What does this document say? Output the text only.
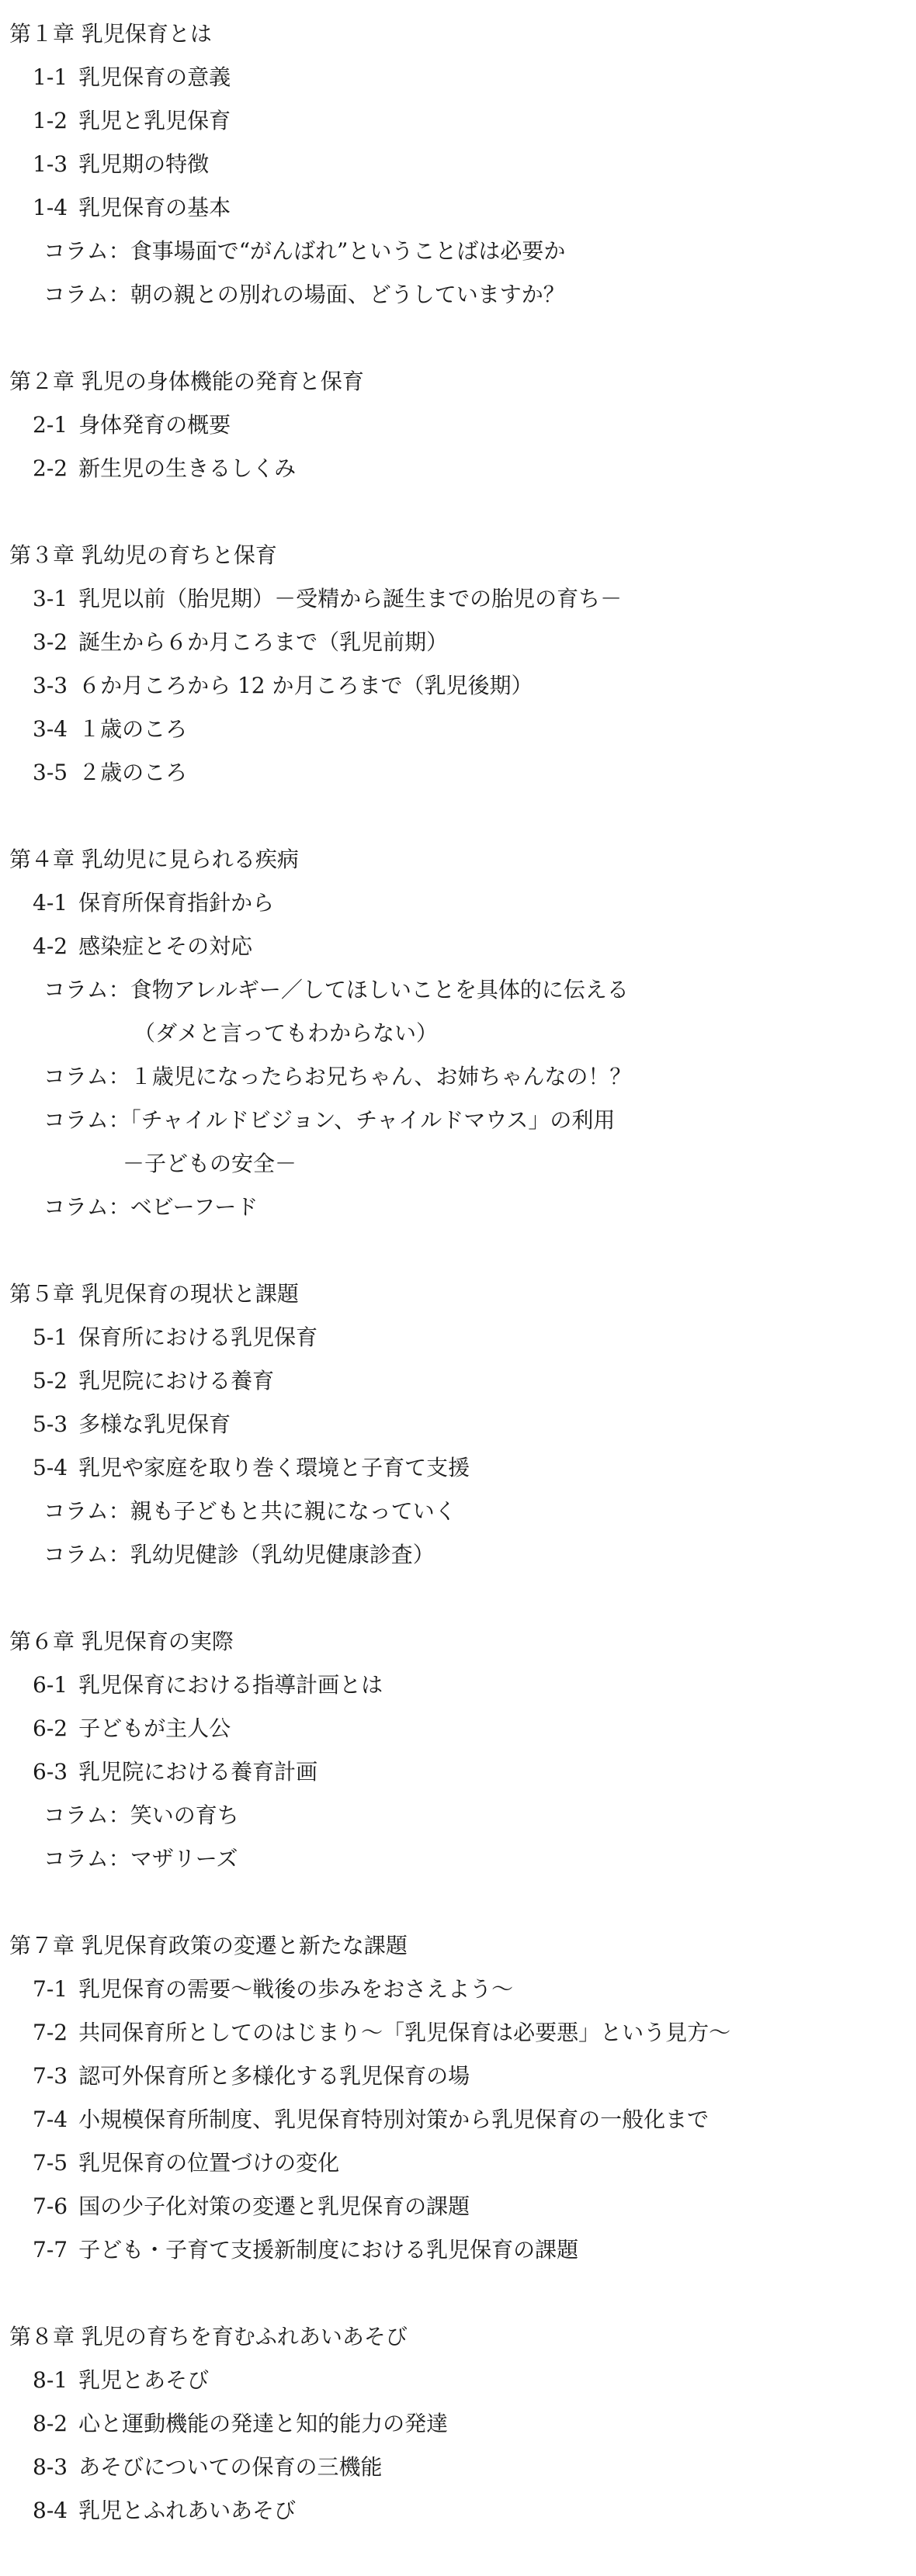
第１章 乳児保育とは
1-1 乳児保育の意義
1-2 乳児と乳児保育
1-3 乳児期の特徴
1-4 乳児保育の基本
コラム：食事場面で“がんばれ”ということばは必要か
コラム：朝の親との別れの場面、どうしていますか？
第２章 乳児の身体機能の発育と保育
2-1 身体発育の概要
2-2 新生児の生きるしくみ
第３章 乳幼児の育ちと保育
3-1 乳児以前（胎児期）－受精から誕生までの胎児の育ち－
3-2 誕生から６か月ころまで（乳児前期）
3-3 ６か月ころから 12 か月ころまで（乳児後期）
3-4 １歳のころ
3-5 ２歳のころ
第４章 乳幼児に見られる疾病
4-1 保育所保育指針から
4-2 感染症とその対応
コラム：食物アレルギー／してほしいことを具体的に伝える
（ダメと言ってもわからない）
コラム：１歳児になったらお兄ちゃん、お姉ちゃんなの！？
コラム：「チャイルドビジョン、チャイルドマウス」の利用
－子どもの安全－
コラム：ベビーフード
第５章 乳児保育の現状と課題
5-1 保育所における乳児保育
5-2 乳児院における養育
5-3 多様な乳児保育
5-4 乳児や家庭を取り巻く環境と子育て支援
コラム：親も子どもと共に親になっていく
コラム：乳幼児健診（乳幼児健康診査）
第６章 乳児保育の実際
6-1 乳児保育における指導計画とは
6-2 子どもが主人公
6-3 乳児院における養育計画
コラム：笑いの育ち
コラム：マザリーズ
第７章 乳児保育政策の変遷と新たな課題
7-1 乳児保育の需要～戦後の歩みをおさえよう～
7-2 共同保育所としてのはじまり～「乳児保育は必要悪」という見方～
7-3 認可外保育所と多様化する乳児保育の場
7-4 小規模保育所制度、乳児保育特別対策から乳児保育の一般化まで
7-5 乳児保育の位置づけの変化
7-6 国の少子化対策の変遷と乳児保育の課題
7-7 子ども・子育て支援新制度における乳児保育の課題
第８章 乳児の育ちを育むふれあいあそび
8-1 乳児とあそび
8-2 心と運動機能の発達と知的能力の発達
8-3 あそびについての保育の三機能
8-4 乳児とふれあいあそび
